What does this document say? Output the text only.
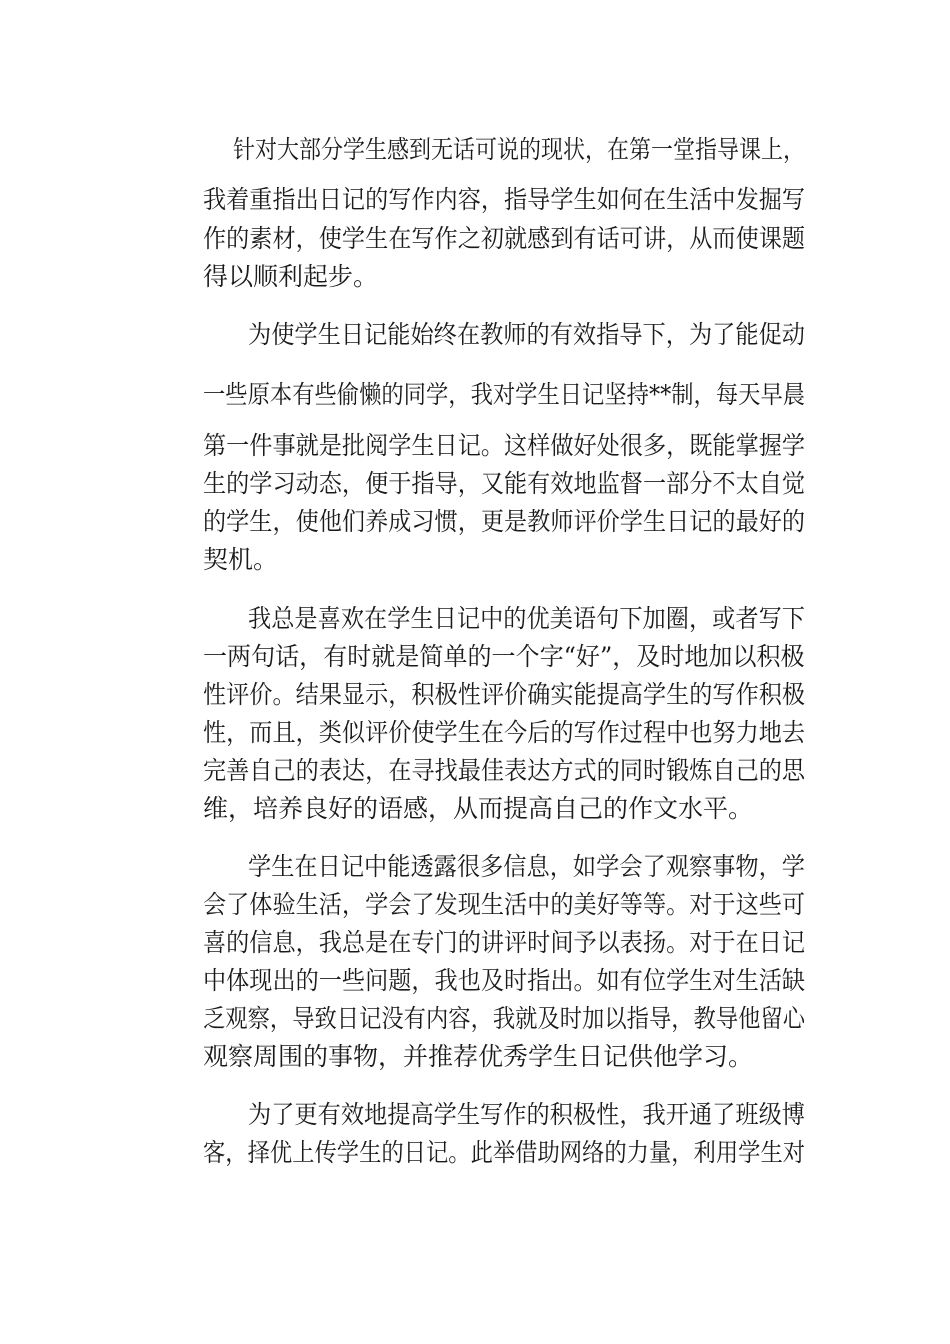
针对大部分学生感到无话可说的现状，在第一堂指导课上，
我着重指出日记的写作内容，指导学生如何在生活中发掘写
作的素材，使学生在写作之初就感到有话可讲，从而使课题
得以顺利起步。
为使学生日记能始终在教师的有效指导下，为了能促动
一些原本有些偷懒的同学，我对学生日记坚持**制，每天早晨
第一件事就是批阅学生日记。这样做好处很多，既能掌握学
生的学习动态，便于指导，又能有效地监督一部分不太自觉
的学生，使他们养成习惯，更是教师评价学生日记的最好的
契机。
我总是喜欢在学生日记中的优美语句下加圈，或者写下
一两句话，有时就是简单的一个字“好”，及时地加以积极
性评价。结果显示，积极性评价确实能提高学生的写作积极
性，而且，类似评价使学生在今后的写作过程中也努力地去
完善自己的表达，在寻找最佳表达方式的同时锻炼自己的思
维，培养良好的语感，从而提高自己的作文水平。
学生在日记中能透露很多信息，如学会了观察事物，学
会了体验生活，学会了发现生活中的美好等等。对于这些可
喜的信息，我总是在专门的讲评时间予以表扬。对于在日记
中体现出的一些问题，我也及时指出。如有位学生对生活缺
乏观察，导致日记没有内容，我就及时加以指导，教导他留心
观察周围的事物，并推荐优秀学生日记供他学习。
为了更有效地提高学生写作的积极性，我开通了班级博
客，择优上传学生的日记。此举借助网络的力量，利用学生对
